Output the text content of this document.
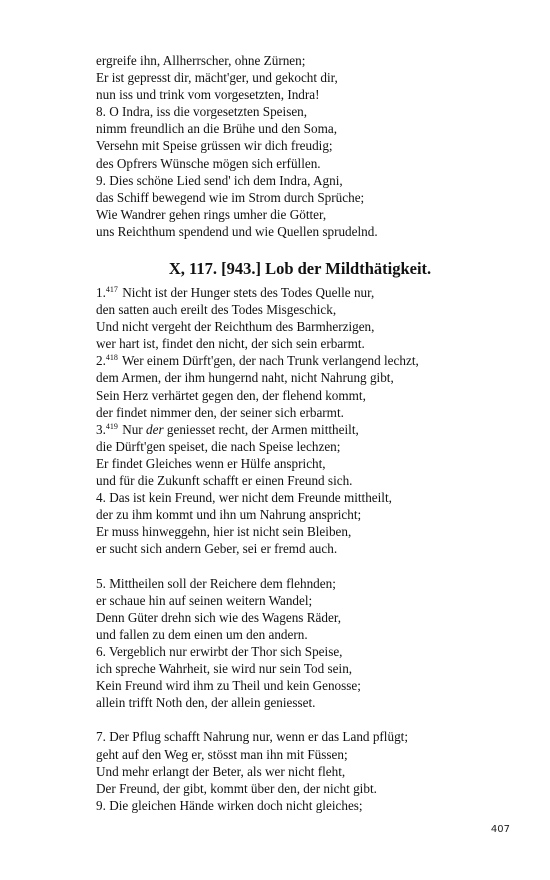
ergreife ihn, Allherrscher, ohne Zürnen;
Er ist gepresst dir, mächt'ger, und gekocht dir,
nun iss und trink vom vorgesetzten, Indra!
8. O Indra, iss die vorgesetzten Speisen,
nimm freundlich an die Brühe und den Soma,
Versehn mit Speise grüssen wir dich freudig;
des Opfrers Wünsche mögen sich erfüllen.
9. Dies schöne Lied send' ich dem Indra, Agni,
das Schiff bewegend wie im Strom durch Sprüche;
Wie Wandrer gehen rings umher die Götter,
uns Reichthum spendend und wie Quellen sprudelnd.
X, 117. [943.] Lob der Mildthätigkeit.
1.$^{417}$ Nicht ist der Hunger stets des Todes Quelle nur,
den satten auch ereilt des Todes Misgeschick,
Und nicht vergeht der Reichthum des Barmherzigen,
wer hart ist, findet den nicht, der sich sein erbarmt.
2.$^{418}$ Wer einem Dürft'gen, der nach Trunk verlangend lechzt,
dem Armen, der ihm hungernd naht, nicht Nahrung gibt,
Sein Herz verhärtet gegen den, der flehend kommt,
der findet nimmer den, der seiner sich erbarmt.
3.$^{419}$ Nur der geniesset recht, der Armen mittheilt,
die Dürft'gen speiset, die nach Speise lechzen;
Er findet Gleiches wenn er Hülfe anspricht,
und für die Zukunft schafft er einen Freund sich.
4. Das ist kein Freund, wer nicht dem Freunde mittheilt,
der zu ihm kommt und ihn um Nahrung anspricht;
Er muss hinweggehn, hier ist nicht sein Bleiben,
er sucht sich andern Geber, sei er fremd auch.
5. Mittheilen soll der Reichere dem flehnden;
er schaue hin auf seinen weitern Wandel;
Denn Güter drehn sich wie des Wagens Räder,
und fallen zu dem einen um den andern.
6. Vergeblich nur erwirbt der Thor sich Speise,
ich spreche Wahrheit, sie wird nur sein Tod sein,
Kein Freund wird ihm zu Theil und kein Genosse;
allein trifft Noth den, der allein geniesset.
7. Der Pflug schafft Nahrung nur, wenn er das Land pflügt;
geht auf den Weg er, stösst man ihn mit Füssen;
Und mehr erlangt der Beter, als wer nicht fleht,
Der Freund, der gibt, kommt über den, der nicht gibt.
9. Die gleichen Hände wirken doch nicht gleiches;
407
